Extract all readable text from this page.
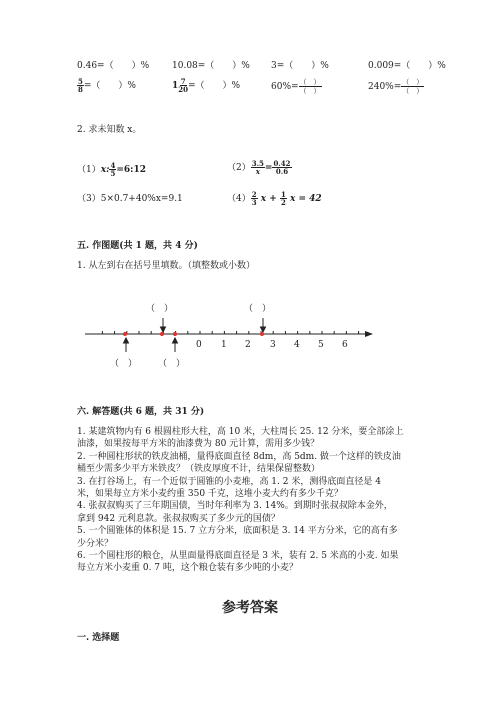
0.46=（　　）%	10.08=（　　）% 3=（　　）%	0.009=（　　）%
$\frac{5}{8}$ =（　　）%	$1 \frac{7}{20}$ =（　　）%	$60\%= \frac{( )}{( )}$	$240\%= \frac{( )}{( )}$
2. 求未知数 x。
（1）x: $\frac{4}{5}$ =6:12	$(2) \frac{3.5}{x} = \frac{0.42}{0.6}$
（3）5×0.7+40%x=9.1	$(4) \frac{2}{3}$ $x + \frac{1}{2}$ x = 42
五. 作图题(共 1 题，共 4 分)
1. 从左到右在括号里填数。（填整数或小数）
（　）	（　）
（　） （　）
0 1 2 3 4 5 6
六. 解答题(共 6 题，共 31 分)
1. 某建筑物内有 6 根圆柱形大柱，高 10 米，大柱周长 25. 12 分米，要全部涂上
油漆，如果按每平方米的油漆费为 80 元计算，需用多少钱？
2. 一种圆柱形状的铁皮油桶，量得底面直径 8dm，高 5dm. 做一个这样的铁皮油
桶至少需多少平方米铁皮？（铁皮厚度不计，结果保留整数）
3. 在打谷场上，有一个近似于圆锥的小麦堆，高 1. 2 米，测得底面直径是 4
米，如果每立方米小麦约重 350 千克，这堆小麦大约有多少千克？
4. 张叔叔购买了三年期国债，当时年利率为 3. 14%。到期时张叔叔除本金外，
拿到 942 元利息款。张叔叔购买了多少元的国债？
5. 一个圆锥体的体积是 15. 7 立方分米，底面积是 3. 14 平方分米，它的高有多
少分米？
6. 一个圆柱形的粮仓，从里面量得底面直径是 3 米，装有 2. 5 米高的小麦. 如果
每立方米小麦重 0. 7 吨，这个粮仓装有多少吨的小麦？
参考答案
一. 选择题
